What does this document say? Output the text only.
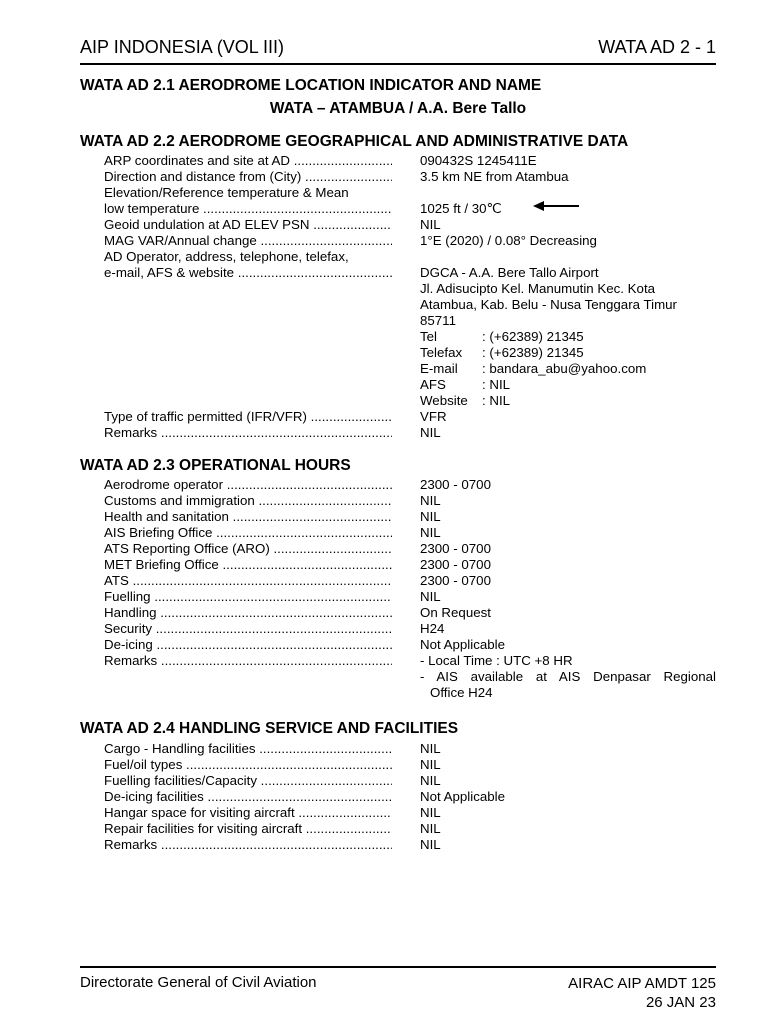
AIP INDONESIA (VOL III)	WATA AD 2 - 1
WATA AD 2.1 AERODROME LOCATION INDICATOR AND NAME
WATA – ATAMBUA / A.A. Bere Tallo
WATA AD 2.2 AERODROME GEOGRAPHICAL AND ADMINISTRATIVE DATA
ARP coordinates and site at AD .....	090432S 1245411E
Direction and distance from (City) .....	3.5 km NE from Atambua
Elevation/Reference temperature & Mean
low temperature .....	1025 ft / 30℃
Geoid undulation at AD ELEV PSN .....	NIL
MAG VAR/Annual change .....	1°E (2020) / 0.08° Decreasing
AD Operator, address, telephone, telefax,
e-mail, AFS & website .....	DGCA - A.A. Bere Tallo Airport
Jl. Adisucipto Kel. Manumutin Kec. Kota
Atambua, Kab. Belu - Nusa Tenggara Timur
85711
Tel	: (+62389) 21345
Telefax : (+62389) 21345
E-mail : bandara_abu@yahoo.com
AFS	: NIL
Website : NIL
Type of traffic permitted (IFR/VFR) .....	VFR
Remarks .....	NIL
WATA AD 2.3 OPERATIONAL HOURS
Aerodrome operator .....	2300 - 0700
Customs and immigration .....	NIL
Health and sanitation .....	NIL
AIS Briefing Office .....	NIL
ATS Reporting Office (ARO) .....	2300 - 0700
MET Briefing Office .....	2300 - 0700
ATS .....	2300 - 0700
Fuelling .....	NIL
Handling .....	On Request
Security .....	H24
De-icing .....	Not Applicable
Remarks .....	- Local Time : UTC +8 HR
- AIS available at AIS Denpasar Regional
Office H24
WATA AD 2.4 HANDLING SERVICE AND FACILITIES
Cargo - Handling facilities .....	NIL
Fuel/oil types .....	NIL
Fuelling facilities/Capacity .....	NIL
De-icing facilities .....	Not Applicable
Hangar space for visiting aircraft .....	NIL
Repair facilities for visiting aircraft .....	NIL
Remarks .....	NIL
Directorate General of Civil Aviation	AIRAC AIP AMDT 125
26 JAN 23
